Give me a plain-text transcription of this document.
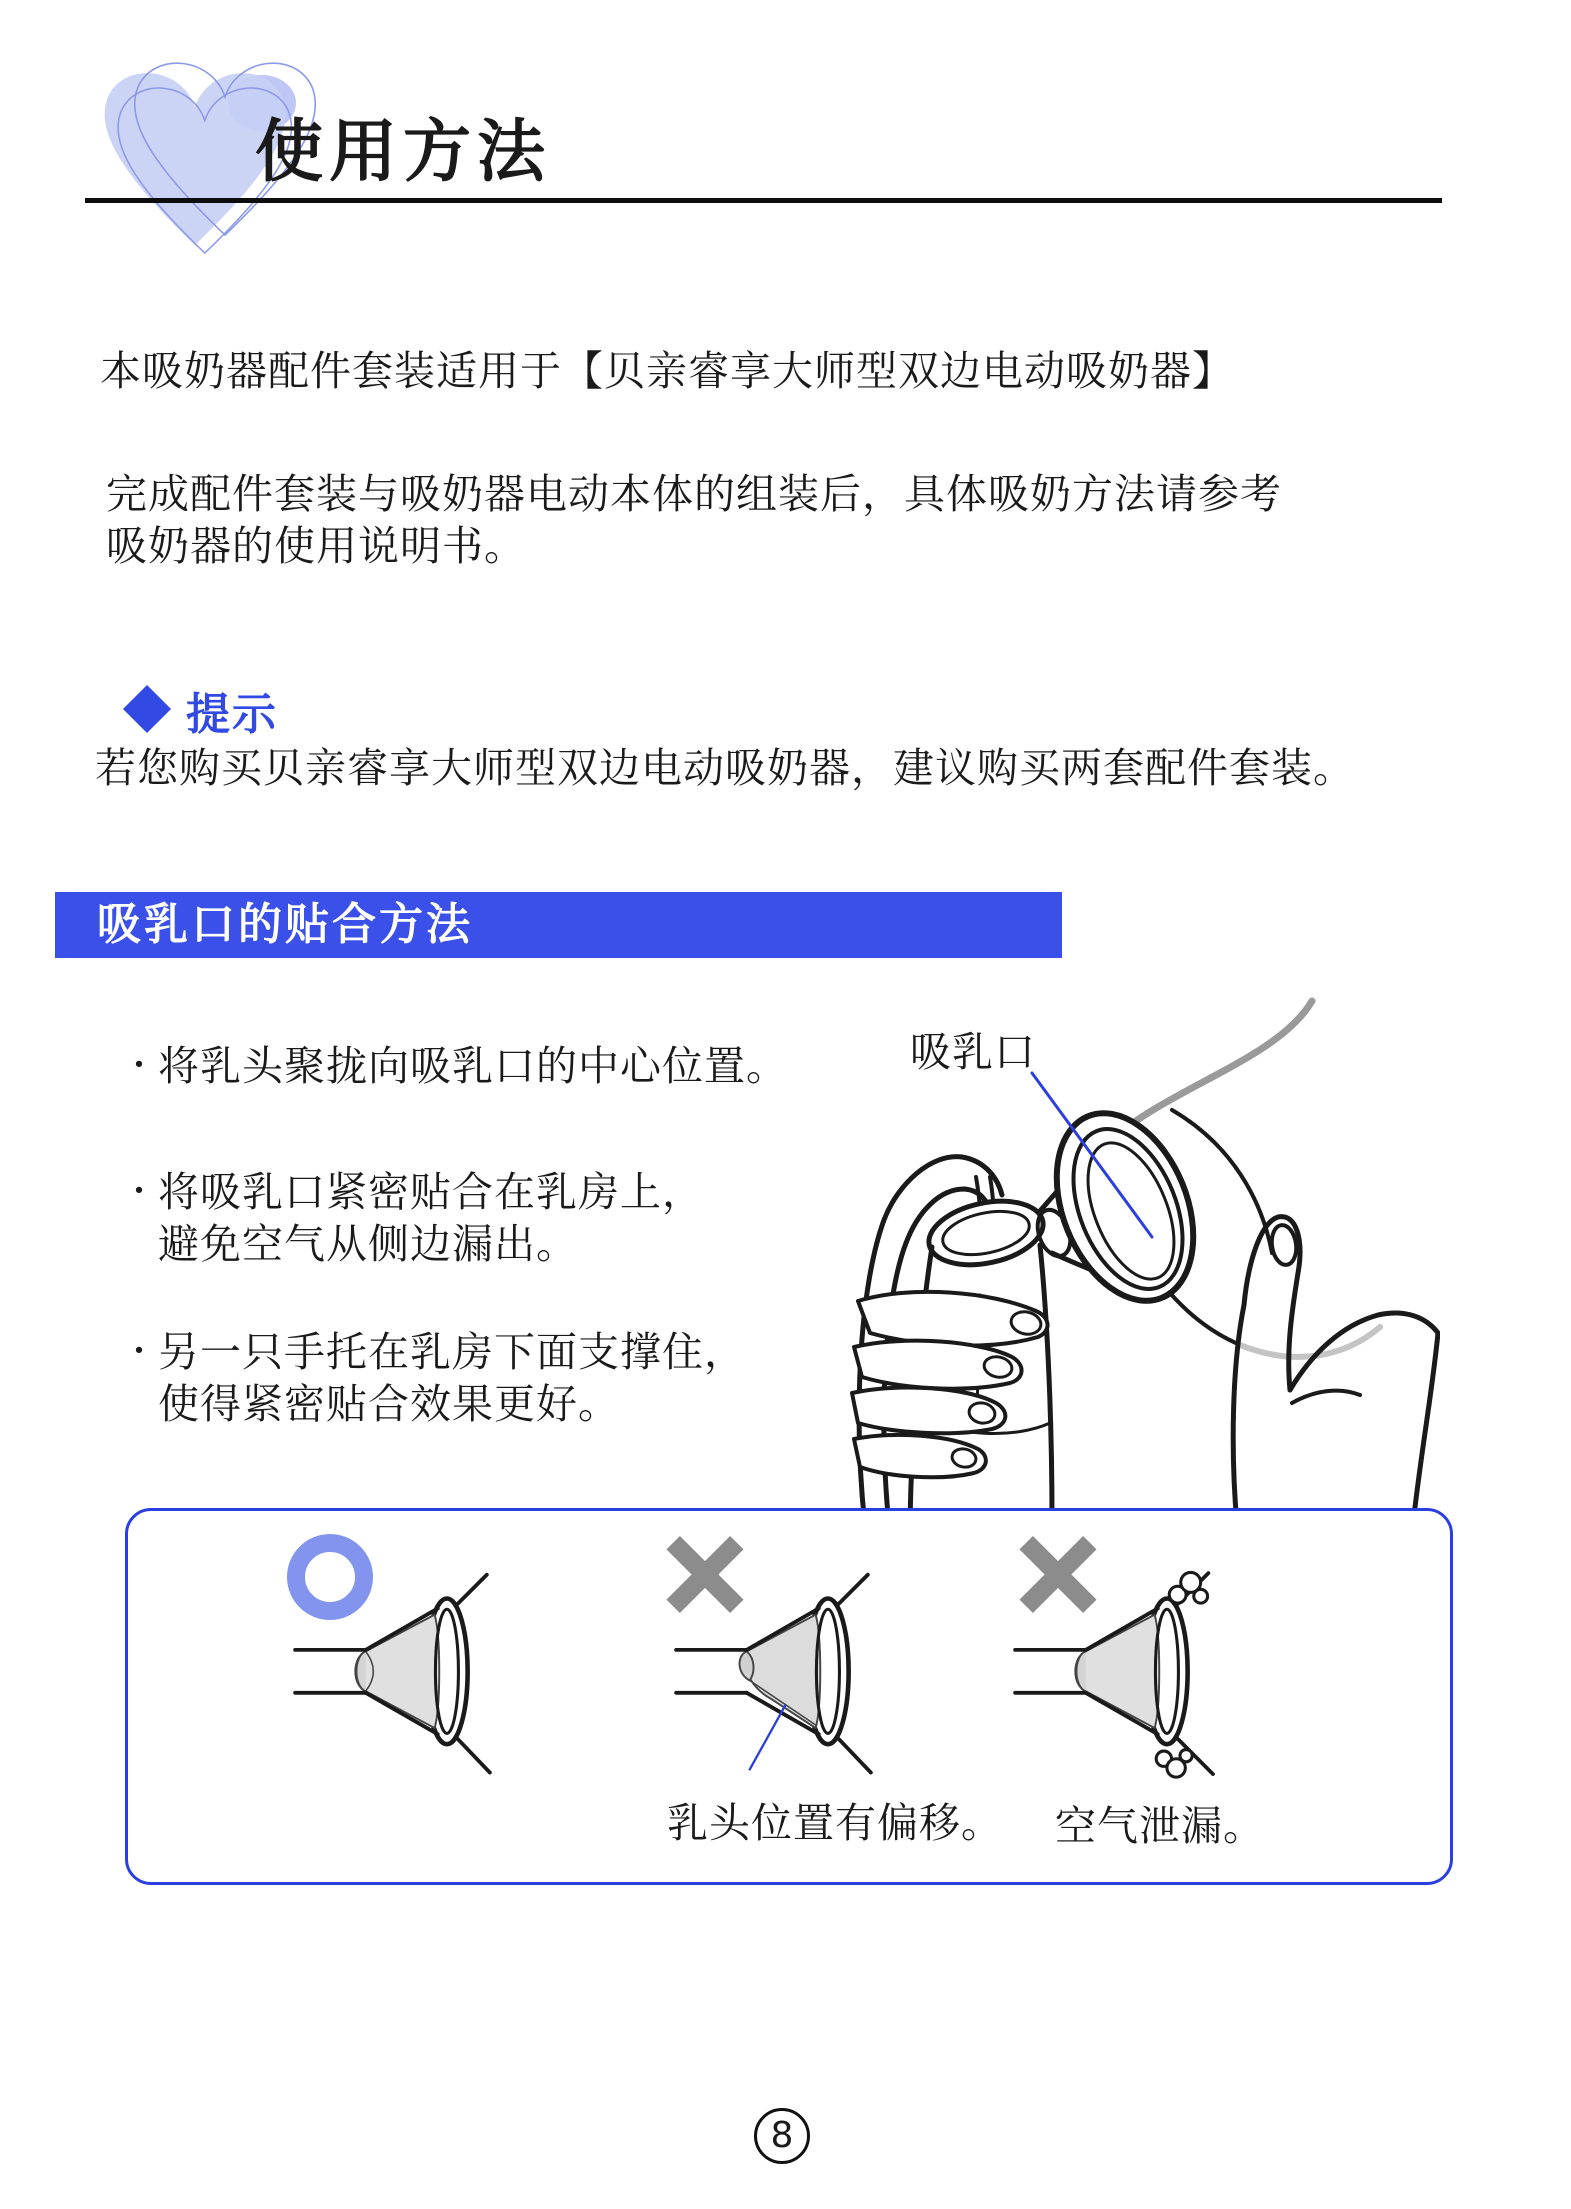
使用方法
本吸奶器配件套装适用于【贝亲睿享大师型双边电动吸奶器】
完成配件套装与吸奶器电动本体的组装后，具体吸奶方法请参考
吸奶器的使用说明书。
提示
若您购买贝亲睿享大师型双边电动吸奶器，建议购买两套配件套装。
吸乳口的贴合方法
・ 将乳头聚拢向吸乳口的中心位置。
・ 将吸乳口紧密贴合在乳房上，
避免空气从侧边漏出。
・ 另一只手托在乳房下面支撑住，
使得紧密贴合效果更好。
吸乳口
乳头位置有偏移。	空气泄漏。
8
